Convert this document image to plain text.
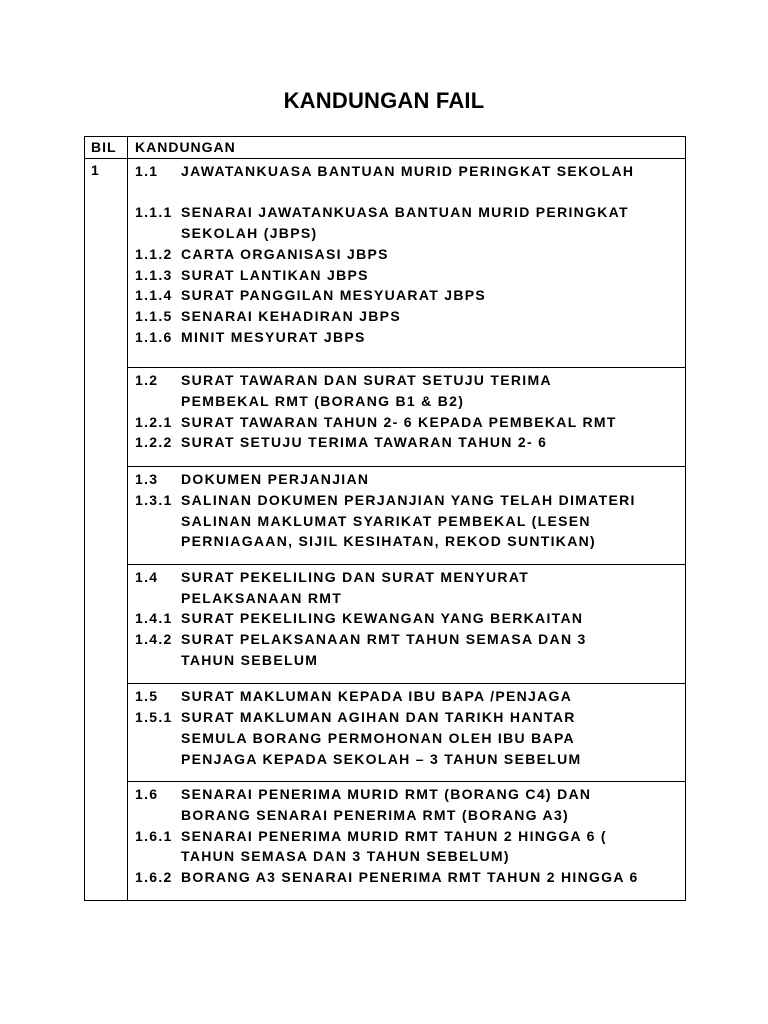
KANDUNGAN FAIL
BIL	KANDUNGAN
1	1.1	JAWATANKUASA BANTUAN MURID PERINGKAT SEKOLAH
1.1.1 SENARAI JAWATANKUASA BANTUAN MURID PERINGKAT
SEKOLAH (JBPS)
1.1.2 CARTA ORGANISASI JBPS
1.1.3 SURAT LANTIKAN JBPS
1.1.4 SURAT PANGGILAN MESYUARAT JBPS
1.1.5 SENARAI KEHADIRAN JBPS
1.1.6 MINIT MESYURAT JBPS
1.2	SURAT TAWARAN DAN SURAT SETUJU TERIMA
PEMBEKAL RMT (BORANG B1 & B2)
1.2.1 SURAT TAWARAN TAHUN 2- 6 KEPADA PEMBEKAL RMT
1.2.2 SURAT SETUJU TERIMA TAWARAN TAHUN 2- 6
1.3	DOKUMEN PERJANJIAN
1.3.1 SALINAN DOKUMEN PERJANJIAN YANG TELAH DIMATERI
SALINAN MAKLUMAT SYARIKAT PEMBEKAL (LESEN
PERNIAGAAN, SIJIL KESIHATAN, REKOD SUNTIKAN)
1.4	SURAT PEKELILING DAN SURAT MENYURAT
PELAKSANAAN RMT
1.4.1 SURAT PEKELILING KEWANGAN YANG BERKAITAN
1.4.2 SURAT PELAKSANAAN RMT TAHUN SEMASA DAN 3
TAHUN SEBELUM
1.5	SURAT MAKLUMAN KEPADA IBU BAPA /PENJAGA
1.5.1 SURAT MAKLUMAN AGIHAN DAN TARIKH HANTAR
SEMULA BORANG PERMOHONAN OLEH IBU BAPA
PENJAGA KEPADA SEKOLAH – 3 TAHUN SEBELUM
1.6	SENARAI PENERIMA MURID RMT (BORANG C4) DAN
BORANG SENARAI PENERIMA RMT (BORANG A3)
1.6.1 SENARAI PENERIMA MURID RMT TAHUN 2 HINGGA 6 (
TAHUN SEMASA DAN 3 TAHUN SEBELUM)
1.6.2 BORANG A3 SENARAI PENERIMA RMT TAHUN 2 HINGGA 6
